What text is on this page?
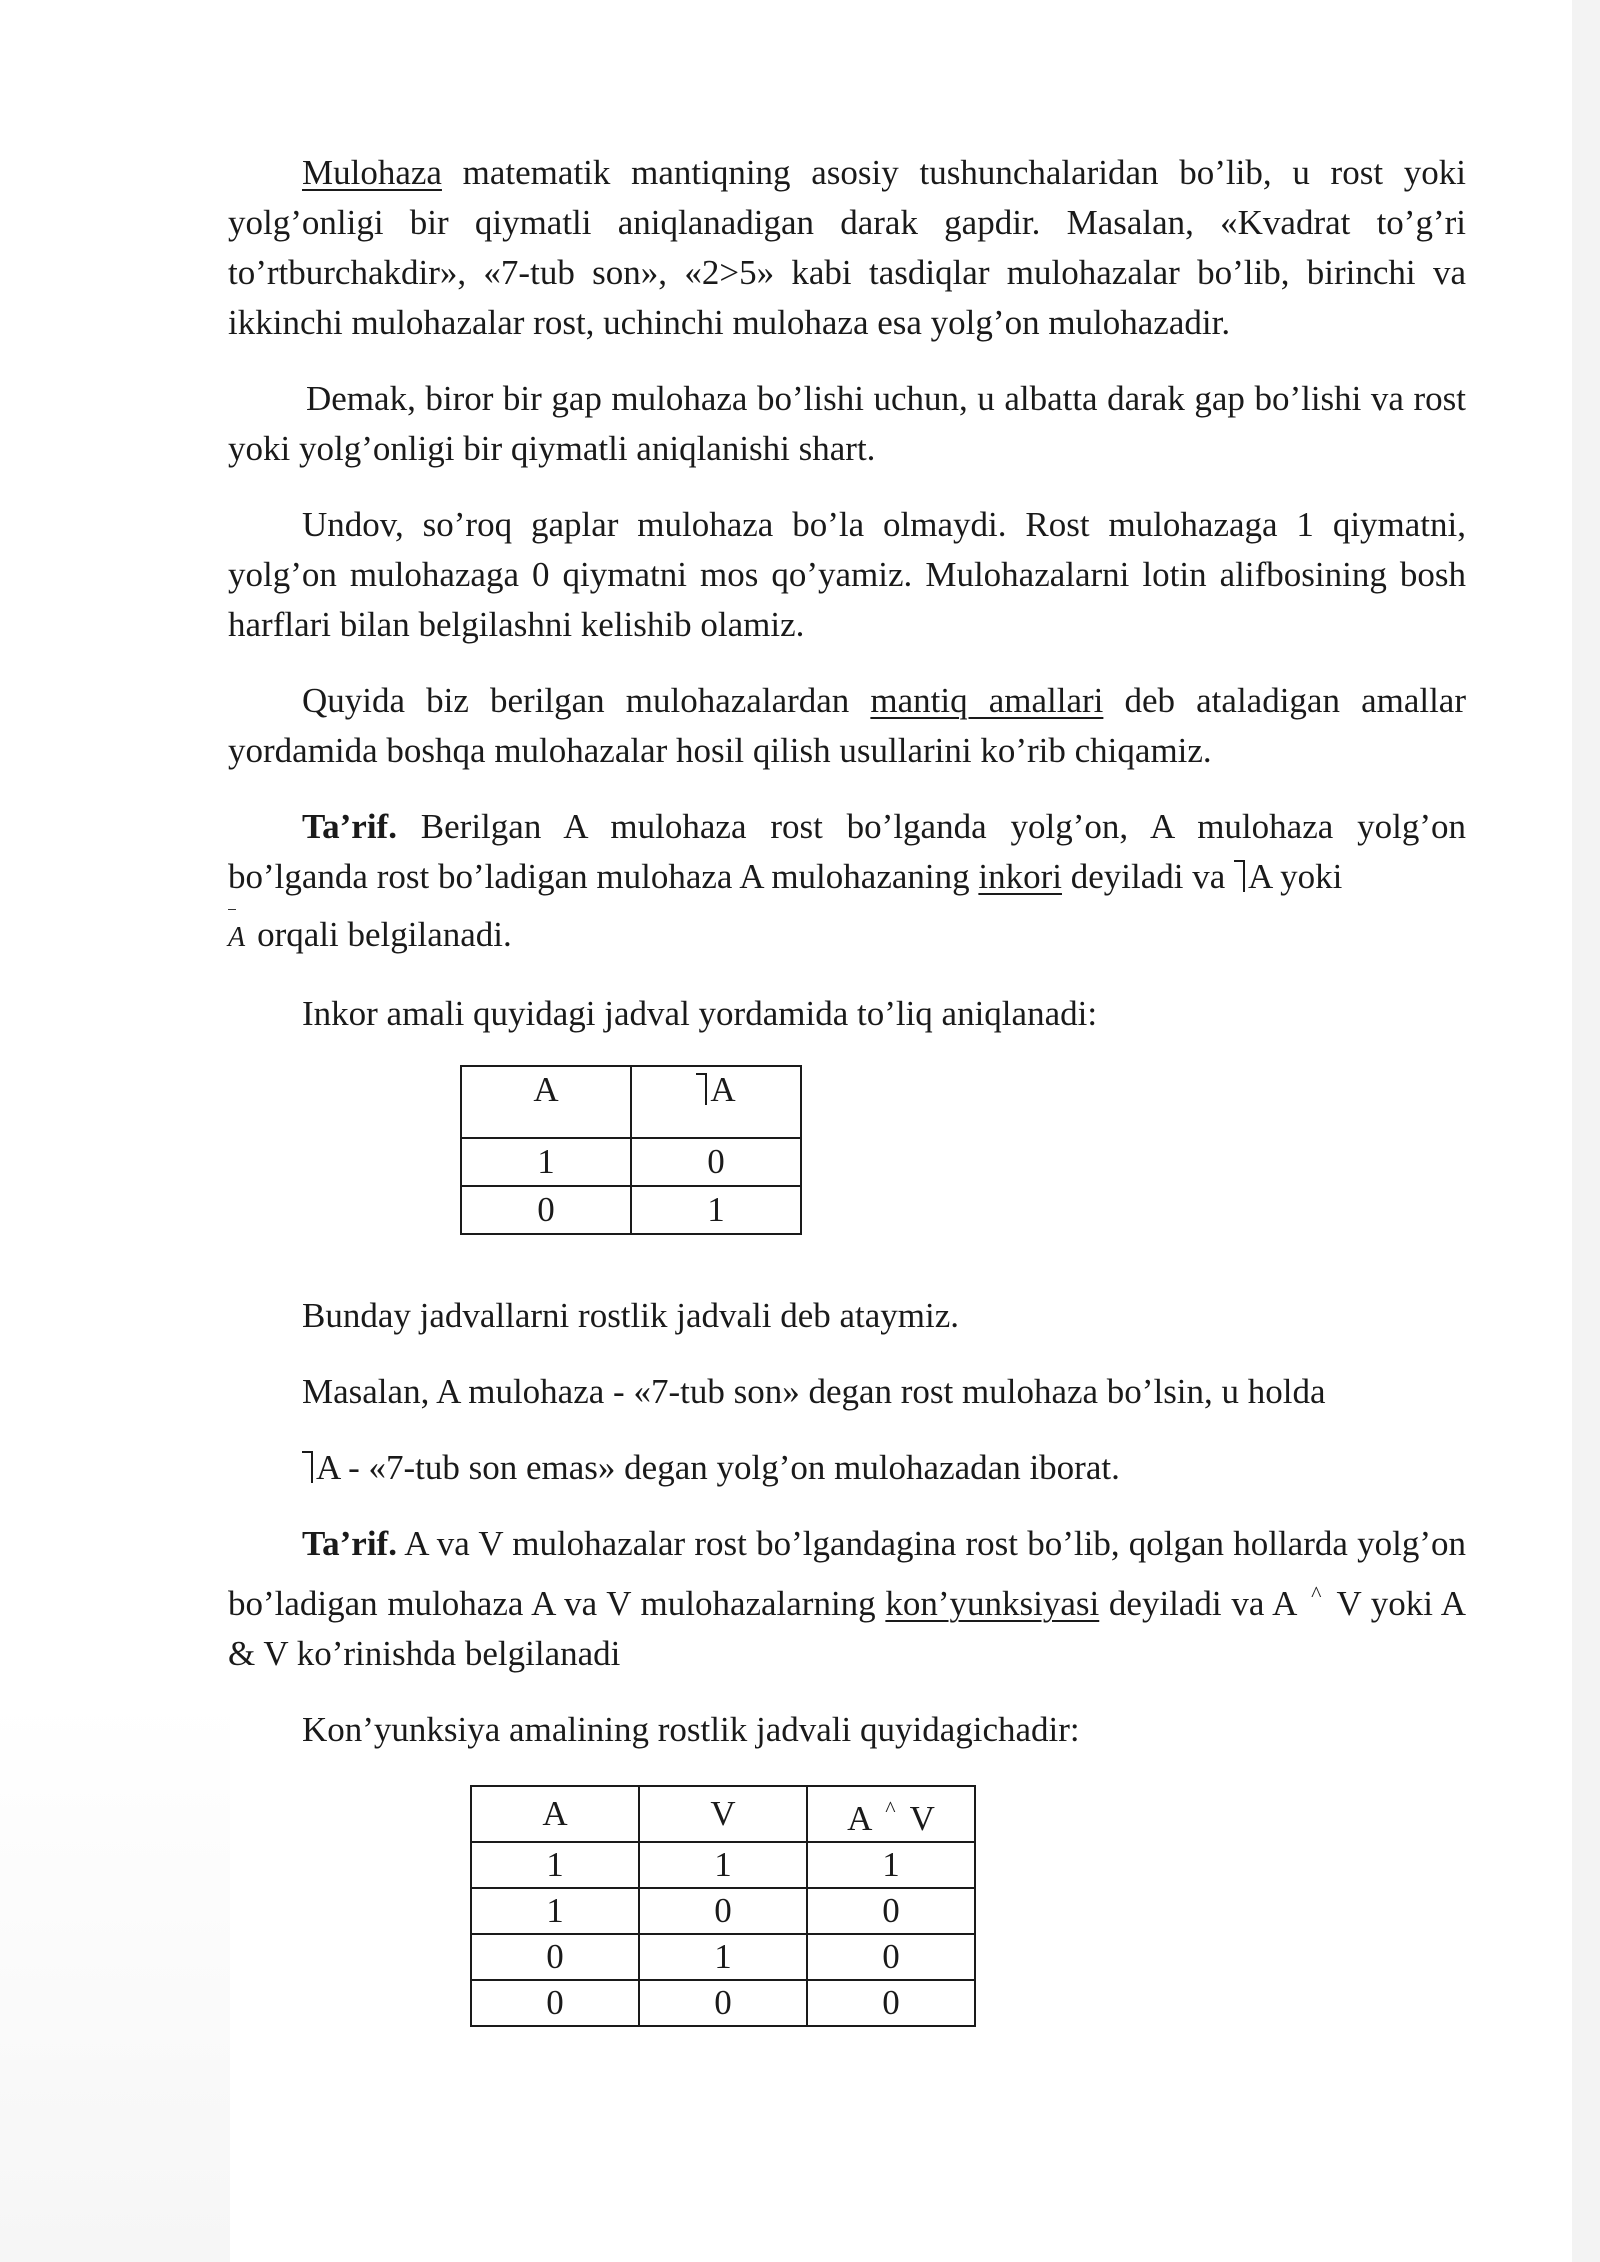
Mulohaza matematik mantiqning asosiy tushunchalaridan bo’lib, u rost yoki yolg’onligi bir qiymatli aniqlanadigan darak gapdir. Masalan, «Kvadrat to’g’ri to’rtburchakdir», «7-tub son», «2>5» kabi tasdiqlar mulohazalar bo’lib, birinchi va ikkinchi mulohazalar rost, uchinchi mulohaza esa yolg’on mulohazadir.

Demak, biror bir gap mulohaza bo’lishi uchun, u albatta darak gap bo’lishi va rost yoki yolg’onligi bir qiymatli aniqlanishi shart.

Undov, so’roq gaplar mulohaza bo’la olmaydi. Rost mulohazaga 1 qiymatni, yolg’on mulohazaga 0 qiymatni mos qo’yamiz. Mulohazalarni lotin alifbosining bosh harflari bilan belgilashni kelishib olamiz.

Quyida biz berilgan mulohazalardan mantiq amallari deb ataladigan amallar yordamida boshqa mulohazalar hosil qilish usullarini ko’rib chiqamiz.

Ta’rif. Berilgan A mulohaza rost bo’lganda yolg’on, A mulohaza yolg’on bo’lganda rost bo’ladigan mulohaza A mulohazaning inkori deyiladi va A yoki

A orqali belgilanadi.

Inkor amali quyidagi jadval yordamida to’liq aniqlanadi:

A	A
1	0
0	1

Bunday jadvallarni rostlik jadvali deb ataymiz.

Masalan, A mulohaza - «7-tub son» degan rost mulohaza bo’lsin, u holda

A - «7-tub son emas» degan yolg’on mulohazadan iborat.

Ta’rif. A va V mulohazalar rost bo’lgandagina rost bo’lib, qolgan hollarda yolg’on bo’ladigan mulohaza A va V mulohazalarning kon’yunksiyasi deyiladi va A ^ V yoki A & V ko’rinishda belgilanadi

Kon’yunksiya amalining rostlik jadvali quyidagichadir:

A	V	A ^ V
1	1	1
1	0	0
0	1	0
0	0	0
